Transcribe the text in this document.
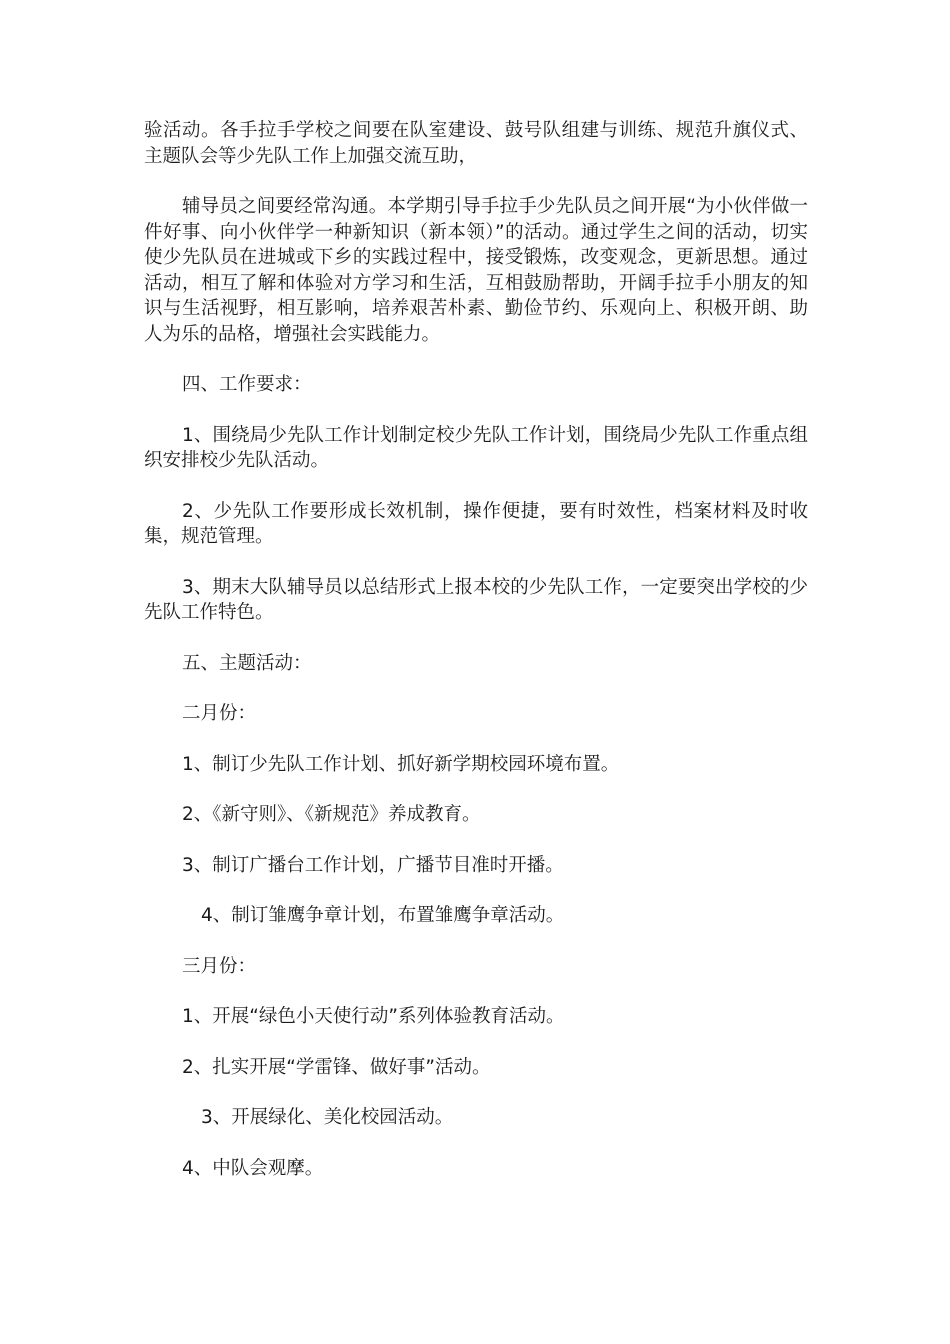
验活动。各手拉手学校之间要在队室建设、鼓号队组建与训练、规范升旗仪式、主题队会等少先队工作上加强交流互助，

辅导员之间要经常沟通。本学期引导手拉手少先队员之间开展“为小伙伴做一件好事、向小伙伴学一种新知识（新本领）”的活动。通过学生之间的活动，切实使少先队员在进城或下乡的实践过程中，接受锻炼，改变观念，更新思想。通过活动，相互了解和体验对方学习和生活，互相鼓励帮助，开阔手拉手小朋友的知识与生活视野，相互影响，培养艰苦朴素、勤俭节约、乐观向上、积极开朗、助人为乐的品格，增强社会实践能力。

四、工作要求：

1、围绕局少先队工作计划制定校少先队工作计划，围绕局少先队工作重点组织安排校少先队活动。

2、少先队工作要形成长效机制，操作便捷，要有时效性，档案材料及时收集，规范管理。

3、期末大队辅导员以总结形式上报本校的少先队工作，一定要突出学校的少先队工作特色。

五、主题活动：

二月份：

1、制订少先队工作计划、抓好新学期校园环境布置。

2、《新守则》、《新规范》养成教育。

3、制订广播台工作计划，广播节目准时开播。

4、制订雏鹰争章计划，布置雏鹰争章活动。

三月份：

1、开展“绿色小天使行动”系列体验教育活动。

2、扎实开展“学雷锋、做好事”活动。

3、开展绿化、美化校园活动。

4、中队会观摩。
